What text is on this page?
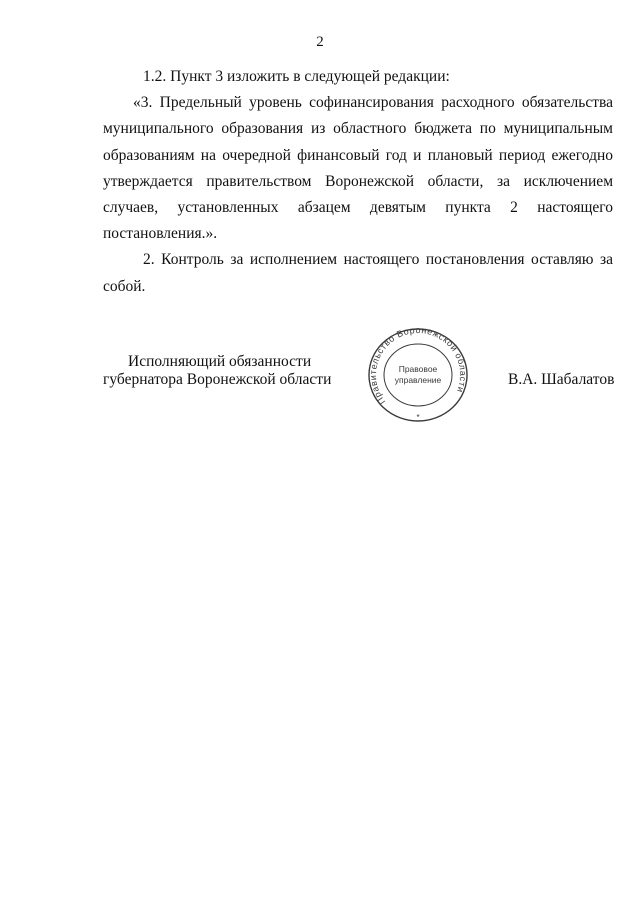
2

1.2. Пункт 3 изложить в следующей редакции:

«3. Предельный уровень софинансирования расходного обязательства муниципального образования из областного бюджета по муниципальным образованиям на очередной финансовый год и плановый период ежегодно утверждается правительством Воронежской области, за исключением случаев, установленных абзацем девятым пункта 2 настоящего постановления.».

2. Контроль за исполнением настоящего постановления оставляю за собой.

Исполняющий обязанности
губернатора Воронежской области
Правительство Воронежской области
Правовое
управление
*
В.А. Шабалатов
